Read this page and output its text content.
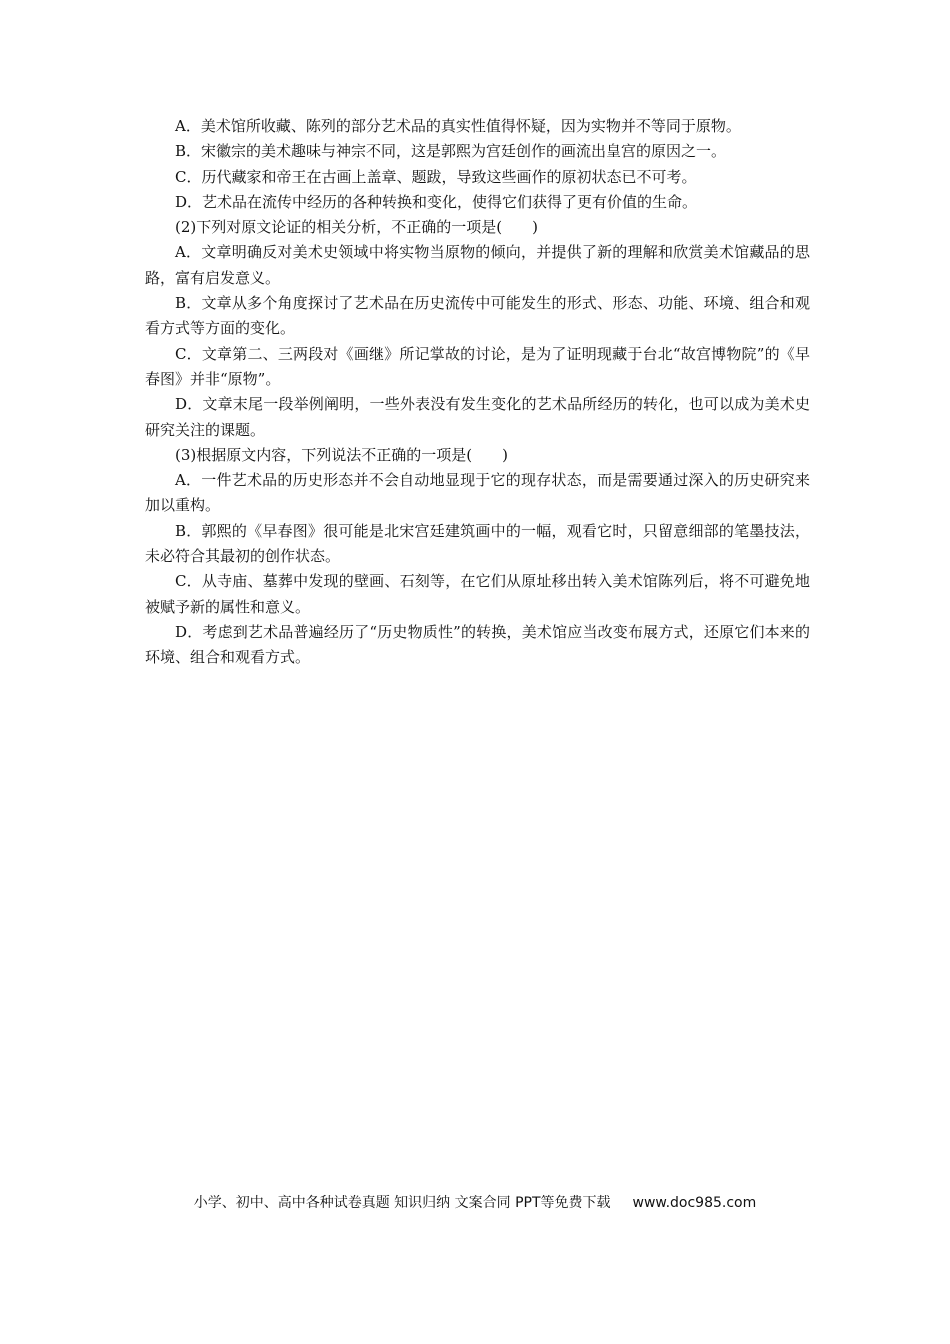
A．美术馆所收藏、陈列的部分艺术品的真实性值得怀疑，因为实物并不等同于原物。

B．宋徽宗的美术趣味与神宗不同，这是郭熙为宫廷创作的画流出皇宫的原因之一。

C．历代藏家和帝王在古画上盖章、题跋，导致这些画作的原初状态已不可考。

D．艺术品在流传中经历的各种转换和变化，使得它们获得了更有价值的生命。

(2)下列对原文论证的相关分析，不正确的一项是(　　)

A．文章明确反对美术史领域中将实物当原物的倾向，并提供了新的理解和欣赏美术馆藏品的思路，富有启发意义。

B．文章从多个角度探讨了艺术品在历史流传中可能发生的形式、形态、功能、环境、组合和观看方式等方面的变化。

C．文章第二、三两段对《画继》所记掌故的讨论，是为了证明现藏于台北“故宫博物院”的《早春图》并非“原物”。

D．文章末尾一段举例阐明，一些外表没有发生变化的艺术品所经历的转化，也可以成为美术史研究关注的课题。

(3)根据原文内容，下列说法不正确的一项是(　　)

A．一件艺术品的历史形态并不会自动地显现于它的现存状态，而是需要通过深入的历史研究来加以重构。

B．郭熙的《早春图》很可能是北宋宫廷建筑画中的一幅，观看它时，只留意细部的笔墨技法，未必符合其最初的创作状态。

C．从寺庙、墓葬中发现的壁画、石刻等，在它们从原址移出转入美术馆陈列后，将不可避免地被赋予新的属性和意义。

D．考虑到艺术品普遍经历了“历史物质性”的转换，美术馆应当改变布展方式，还原它们本来的环境、组合和观看方式。

小学、初中、高中各种试卷真题 知识归纳 文案合同 PPT等免费下载 www.doc985.com
